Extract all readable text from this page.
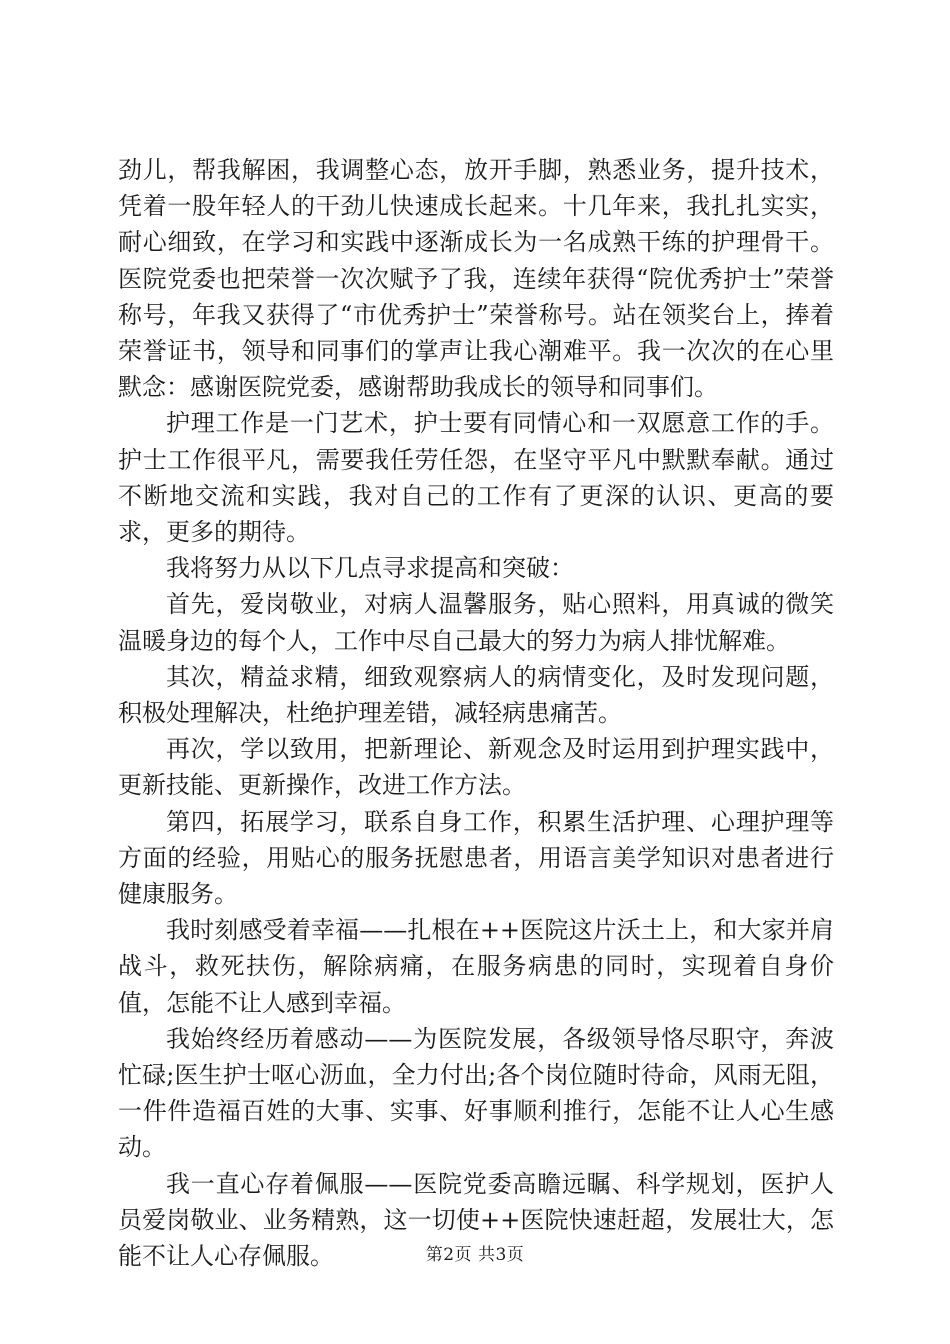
劲儿，帮我解困，我调整心态，放开手脚，熟悉业务，提升技术，凭着一股年轻人的干劲儿快速成长起来。十几年来，我扎扎实实，耐心细致，在学习和实践中逐渐成长为一名成熟干练的护理骨干。医院党委也把荣誉一次次赋予了我，连续年获得“院优秀护士”荣誉称号，年我又获得了“市优秀护士”荣誉称号。站在领奖台上，捧着荣誉证书，领导和同事们的掌声让我心潮难平。我一次次的在心里默念：感谢医院党委，感谢帮助我成长的领导和同事们。

护理工作是一门艺术，护士要有同情心和一双愿意工作的手。护士工作很平凡，需要我任劳任怨，在坚守平凡中默默奉献。通过不断地交流和实践，我对自己的工作有了更深的认识、更高的要求，更多的期待。

我将努力从以下几点寻求提高和突破：

首先，爱岗敬业，对病人温馨服务，贴心照料，用真诚的微笑温暖身边的每个人，工作中尽自己最大的努力为病人排忧解难。

其次，精益求精，细致观察病人的病情变化，及时发现问题，积极处理解决，杜绝护理差错，减轻病患痛苦。

再次，学以致用，把新理论、新观念及时运用到护理实践中，更新技能、更新操作，改进工作方法。

第四，拓展学习，联系自身工作，积累生活护理、心理护理等方面的经验，用贴心的服务抚慰患者，用语言美学知识对患者进行健康服务。

我时刻感受着幸福——扎根在++医院这片沃土上，和大家并肩战斗，救死扶伤，解除病痛，在服务病患的同时，实现着自身价值，怎能不让人感到幸福。

我始终经历着感动——为医院发展，各级领导恪尽职守，奔波忙碌;医生护士呕心沥血，全力付出;各个岗位随时待命，风雨无阻，一件件造福百姓的大事、实事、好事顺利推行，怎能不让人心生感动。

我一直心存着佩服——医院党委高瞻远瞩、科学规划，医护人员爱岗敬业、业务精熟，这一切使++医院快速赶超，发展壮大，怎能不让人心存佩服。	第2页 共3页
